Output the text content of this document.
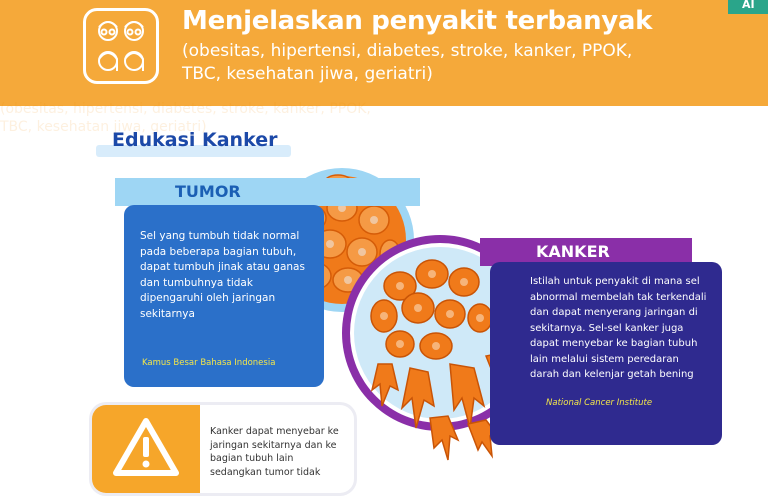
Menjelaskan penyakit terbanyak
(obesitas, hipertensi, diabetes, stroke, kanker, PPOK, TBC, kesehatan jiwa, geriatri)
AI
(obesitas, hipertensi, diabetes, stroke, kanker, PPOK, TBC, kesehatan jiwa, geriatri)
Edukasi Kanker
TUMOR
Sel yang tumbuh tidak normal pada beberapa bagian tubuh, dapat tumbuh jinak atau ganas dan tumbuhnya tidak dipengaruhi oleh jaringan sekitarnya
Kamus Besar Bahasa Indonesia
KANKER
Istilah untuk penyakit di mana sel abnormal membelah tak terkendali dan dapat menyerang jaringan di sekitarnya. Sel-sel kanker juga dapat menyebar ke bagian tubuh lain melalui sistem peredaran darah dan kelenjar getah bening
National Cancer Institute
Kanker dapat menyebar ke jaringan sekitarnya dan ke bagian tubuh lain sedangkan tumor tidak
